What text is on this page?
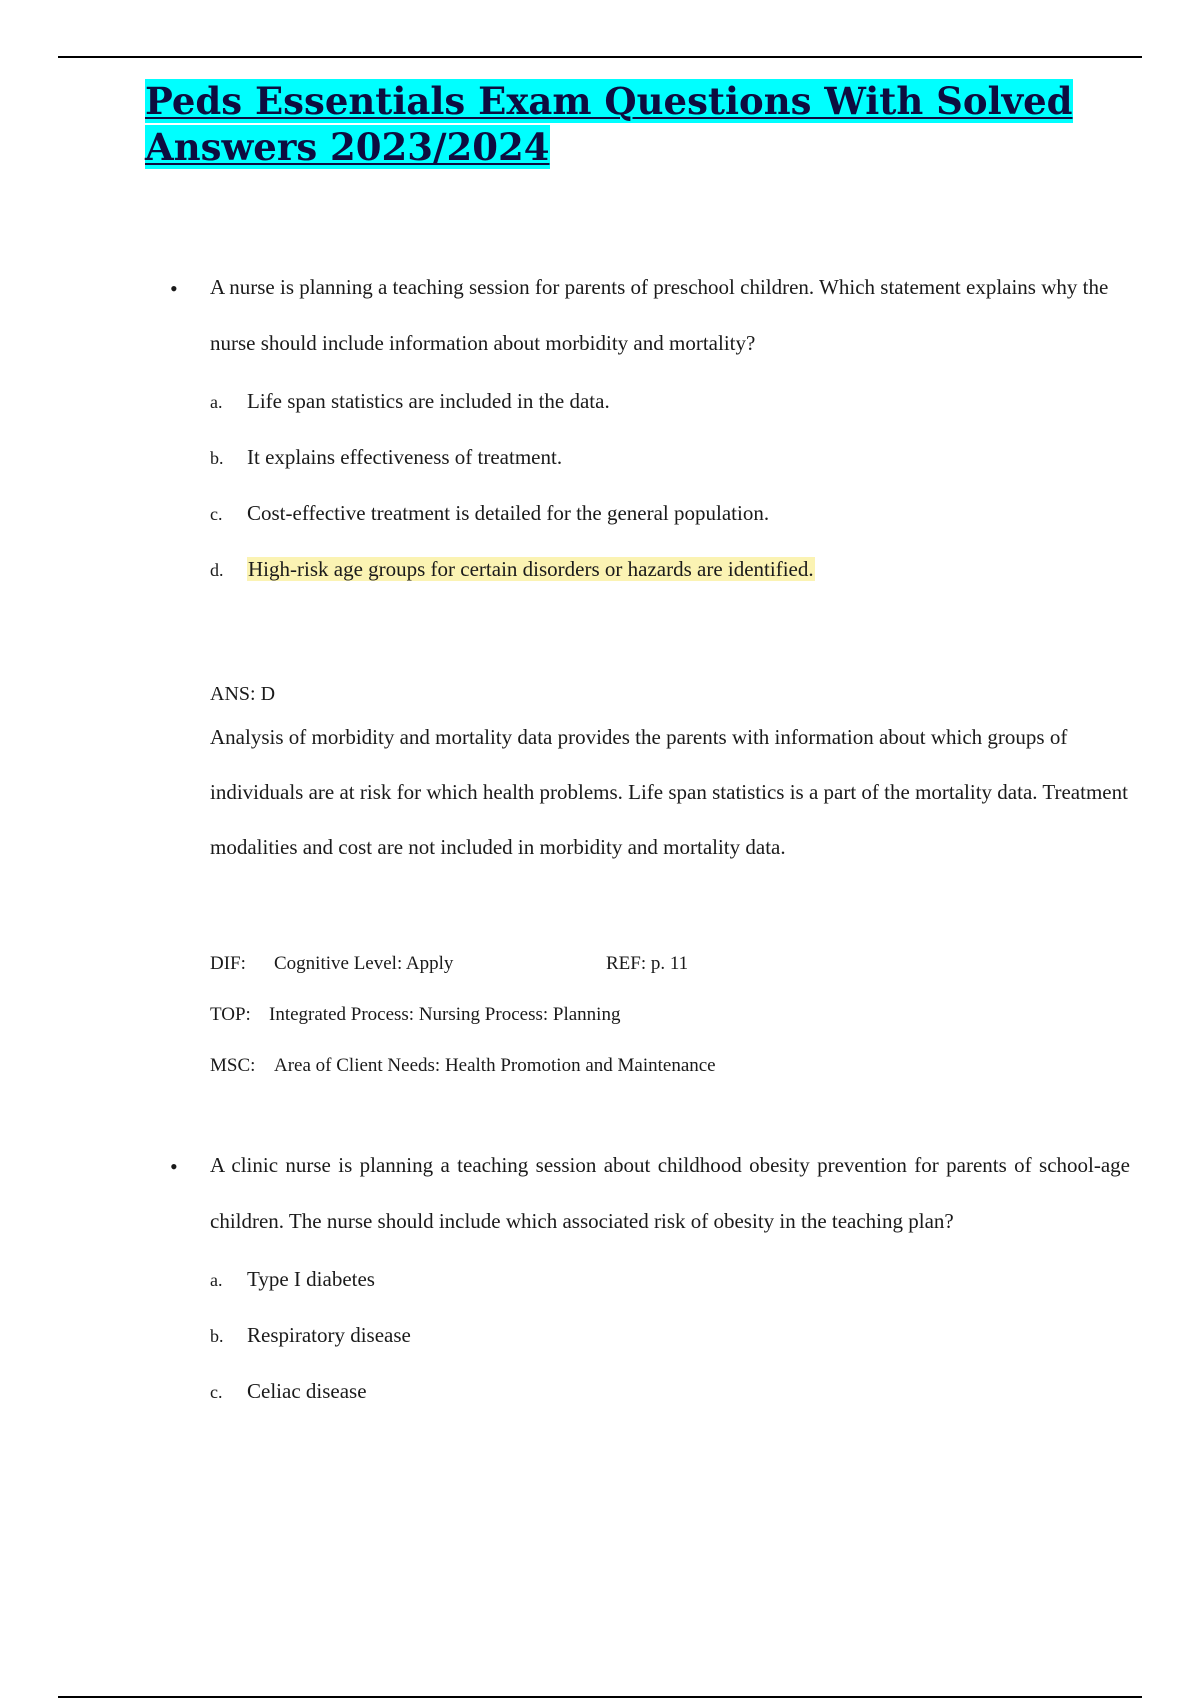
Peds Essentials Exam Questions With Solved Answers 2023/2024
• A nurse is planning a teaching session for parents of preschool children. Which statement explains why the nurse should include information about morbidity and mortality?

a. Life span statistics are included in the data.
b. It explains effectiveness of treatment.
c. Cost-effective treatment is detailed for the general population.
d. High-risk age groups for certain disorders or hazards are identified.

ANS: D

Analysis of morbidity and mortality data provides the parents with information about which groups of individuals are at risk for which health problems. Life span statistics is a part of the mortality data. Treatment modalities and cost are not included in morbidity and mortality data.

DIF: Cognitive Level: Apply	REF: p. 11
TOP: Integrated Process: Nursing Process: Planning
MSC: Area of Client Needs: Health Promotion and Maintenance
• A clinic nurse is planning a teaching session about childhood obesity prevention for parents of school-age children. The nurse should include which associated risk of obesity in the teaching plan?

a. Type I diabetes
b. Respiratory disease
c. Celiac disease
